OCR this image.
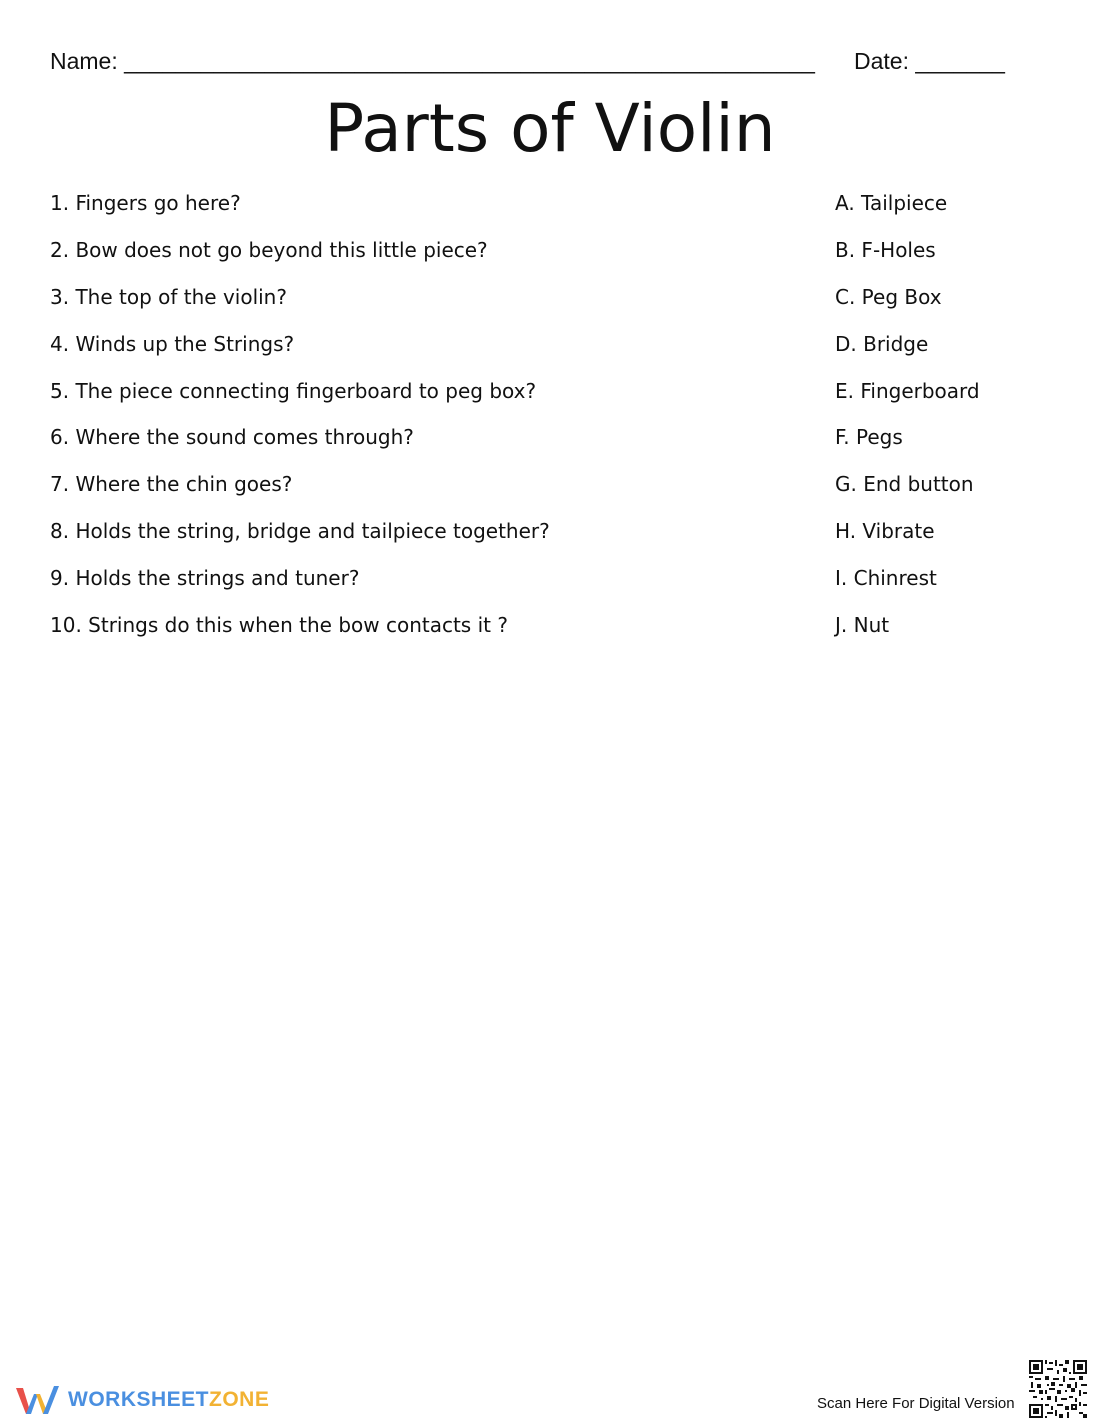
Name: ______________________________________________________ Date: _______
Parts of Violin
1. Fingers go here?
2. Bow does not go beyond this little piece?
3. The top of the violin?
4. Winds up the Strings?
5. The piece connecting fingerboard to peg box?
6. Where the sound comes through?
7. Where the chin goes?
8. Holds the string, bridge and tailpiece together?
9. Holds the strings and tuner?
10. Strings do this when the bow contacts it ?
A. Tailpiece
B. F-Holes
C. Peg Box
D. Bridge
E. Fingerboard
F. Pegs
G. End button
H. Vibrate
I. Chinrest
J. Nut
WORKSHEETZONE	Scan Here For Digital Version
